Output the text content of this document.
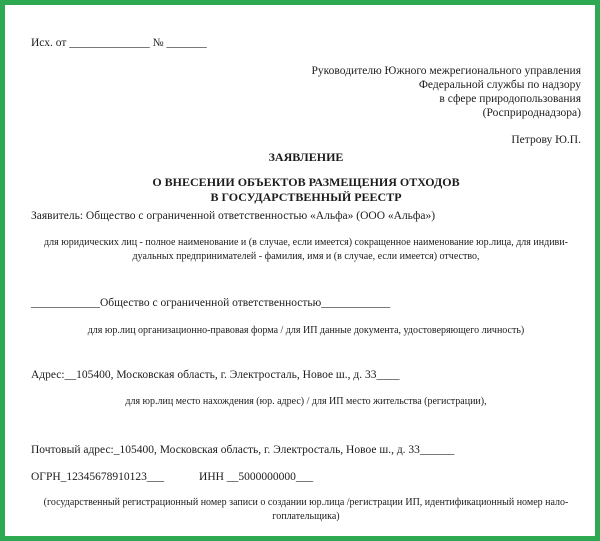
Исх. от ______________ № _______
Руководителю Южного межрегионального управления
Федеральной службы по надзору
в сфере природопользования
(Росприроднадзора)
Петрову Ю.П.
ЗАЯВЛЕНИЕ
О ВНЕСЕНИИ ОБЪЕКТОВ РАЗМЕЩЕНИЯ ОТХОДОВ
В ГОСУДАРСТВЕННЫЙ РЕЕСТР
Заявитель: Общество с ограниченной ответственностью «Альфа» (ООО «Альфа»)
для юридических лиц - полное наименование и (в случае, если имеется) сокращенное наименование юр.лица, для индиви-
дуальных предпринимателей - фамилия, имя и (в случае, если имеется) отчество,
____________Общество с ограниченной ответственностью____________
для юр.лиц организационно-правовая форма / для ИП данные документа, удостоверяющего личность)
Адрес:__105400, Московская область, г. Электросталь, Новое ш., д. 33____
для юр.лиц место нахождения (юр. адрес) / для ИП место жительства (регистрации),
Почтовый адрес:_105400, Московская область, г. Электросталь, Новое ш., д. 33______
ОГРН_12345678910123___	ИНН __5000000000___
(государственный регистрационный номер записи о создании юр.лица /регистрации ИП, идентификационный номер нало-
гоплательщика)
